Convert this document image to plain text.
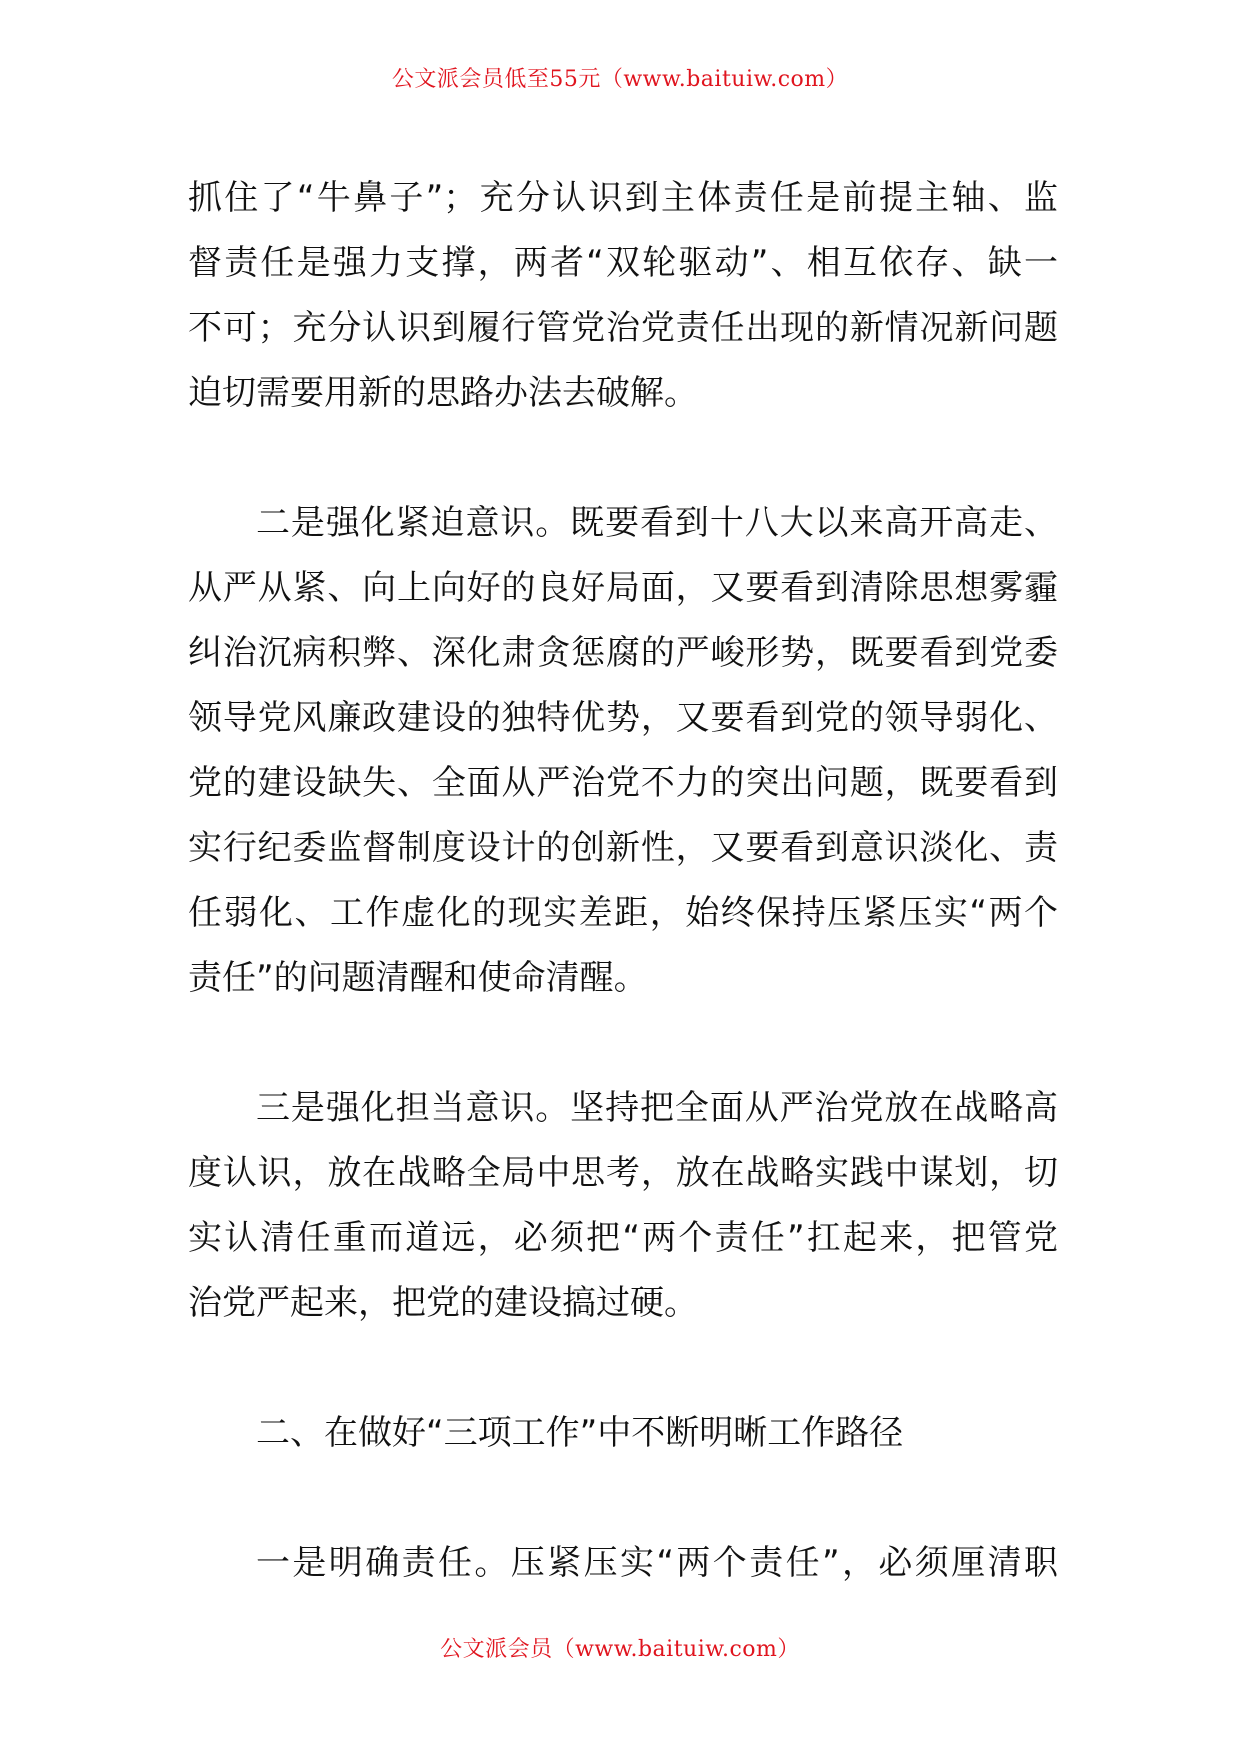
公文派会员低至55元（www.baituiw.com）
抓住了“牛鼻子”；充分认识到主体责任是前提主轴、监
督责任是强力支撑，两者“双轮驱动”、相互依存、缺一
不可；充分认识到履行管党治党责任出现的新情况新问题
迫切需要用新的思路办法去破解。
二是强化紧迫意识。既要看到十八大以来高开高走、
从严从紧、向上向好的良好局面，又要看到清除思想雾霾
纠治沉病积弊、深化肃贪惩腐的严峻形势，既要看到党委
领导党风廉政建设的独特优势，又要看到党的领导弱化、
党的建设缺失、全面从严治党不力的突出问题，既要看到
实行纪委监督制度设计的创新性，又要看到意识淡化、责
任弱化、工作虚化的现实差距，始终保持压紧压实“两个
责任”的问题清醒和使命清醒。
三是强化担当意识。坚持把全面从严治党放在战略高
度认识，放在战略全局中思考，放在战略实践中谋划，切
实认清任重而道远，必须把“两个责任”扛起来，把管党
治党严起来，把党的建设搞过硬。
二、在做好“三项工作”中不断明晰工作路径
一是明确责任。压紧压实“两个责任”，必须厘清职
公文派会员（www.baituiw.com）
